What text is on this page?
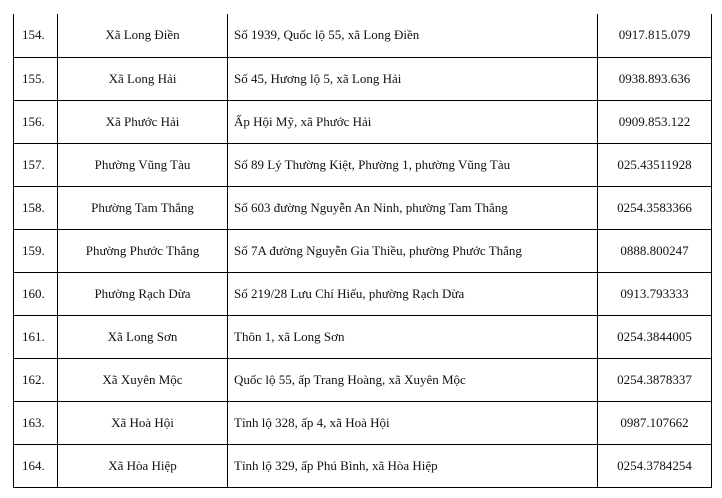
154.	Xã Long Điền	Số 1939, Quốc lộ 55, xã Long Điền	0917.815.079
155.	Xã Long Hải	Số 45, Hương lộ 5, xã Long Hải	0938.893.636
156.	Xã Phước Hải	Ấp Hội Mỹ, xã Phước Hải	0909.853.122
157.	Phường Vũng Tàu	Số 89 Lý Thường Kiệt, Phường 1, phường Vũng Tàu	025.43511928
158.	Phường Tam Thắng	Số 603 đường Nguyễn An Ninh, phường Tam Thắng	0254.3583366
159.	Phường Phước Thắng	Số 7A đường Nguyễn Gia Thiều, phường Phước Thắng	0888.800247
160.	Phường Rạch Dừa	Số 219/28 Lưu Chí Hiếu, phường Rạch Dừa	0913.793333
161.	Xã Long Sơn	Thôn 1, xã Long Sơn	0254.3844005
162.	Xã Xuyên Mộc	Quốc lộ 55, ấp Trang Hoàng, xã Xuyên Mộc	0254.3878337
163.	Xã Hoà Hội	Tỉnh lộ 328, ấp 4, xã Hoà Hội	0987.107662
164.	Xã Hòa Hiệp	Tỉnh lộ 329, ấp Phú Bình, xã Hòa Hiệp	0254.3784254
